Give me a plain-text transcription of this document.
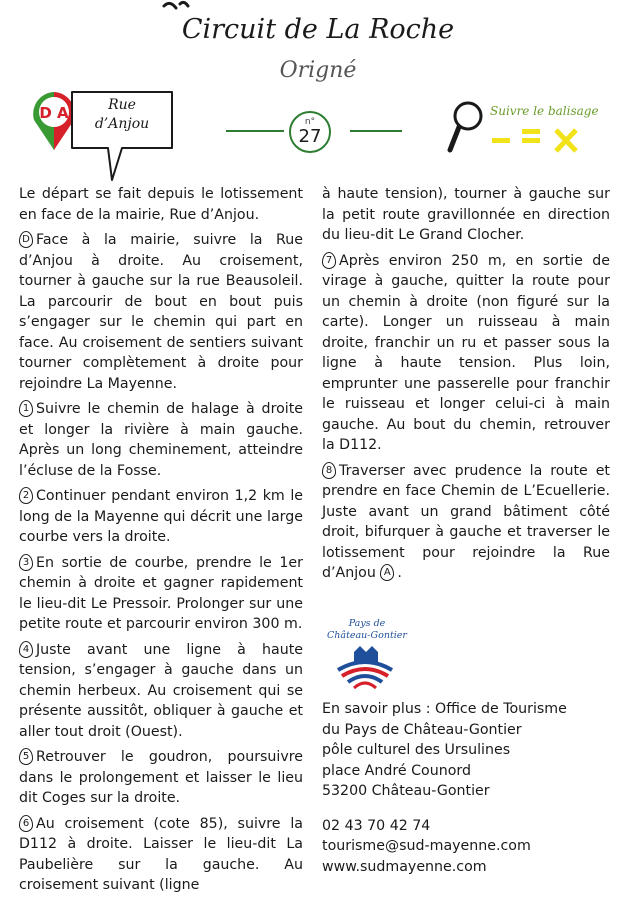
Circuit de La Roche
Origné
D A	Rue d’Anjou	n°
27
Suivre le balisage

Le départ se fait depuis le lotissement en face de la mairie, Rue d’Anjou.

D Face à la mairie, suivre la Rue d’Anjou à droite. Au croisement, tourner à gauche sur la rue Beausoleil. La parcourir de bout en bout puis s’engager sur le chemin qui part en face. Au croisement de sentiers suivant tourner complètement à droite pour rejoindre La Mayenne.

1 Suivre le chemin de halage à droite et longer la rivière à main gauche. Après un long cheminement, atteindre l’écluse de la Fosse.

2 Continuer pendant environ 1,2 km le long de la Mayenne qui décrit une large courbe vers la droite.

3 En sortie de courbe, prendre le 1er chemin à droite et gagner rapidement le lieu-dit Le Pressoir. Prolonger sur une petite route et parcourir environ 300 m.

4 Juste avant une ligne à haute tension, s’engager à gauche dans un chemin herbeux. Au croisement qui se présente aussitôt, obliquer à gauche et aller tout droit (Ouest).

5 Retrouver le goudron, poursuivre dans le prolongement et laisser le lieu dit Coges sur la droite.

6 Au croisement (cote 85), suivre la D112 à droite. Laisser le lieu-dit La Paubelière sur la gauche. Au croisement suivant (ligne

à haute tension), tourner à gauche sur la petit route gravillonnée en direction du lieu-dit Le Grand Clocher.

7 Après environ 250 m, en sortie de virage à gauche, quitter la route pour un chemin à droite (non figuré sur la carte). Longer un ruisseau à main droite, franchir un ru et passer sous la ligne à haute tension. Plus loin, emprunter une passerelle pour franchir le ruisseau et longer celui-ci à main gauche. Au bout du chemin, retrouver la D112.

8 Traverser avec prudence la route et prendre en face Chemin de L’Ecuellerie. Juste avant un grand bâtiment côté droit, bifurquer à gauche et traverser le lotissement pour rejoindre la Rue d’Anjou A .

Pays de
Château-Gontier
En savoir plus : Office de Tourisme
du Pays de Château-Gontier
pôle culturel des Ursulines
place André Counord
53200 Château-Gontier
02 43 70 42 74
tourisme@sud-mayenne.com
www.sudmayenne.com
